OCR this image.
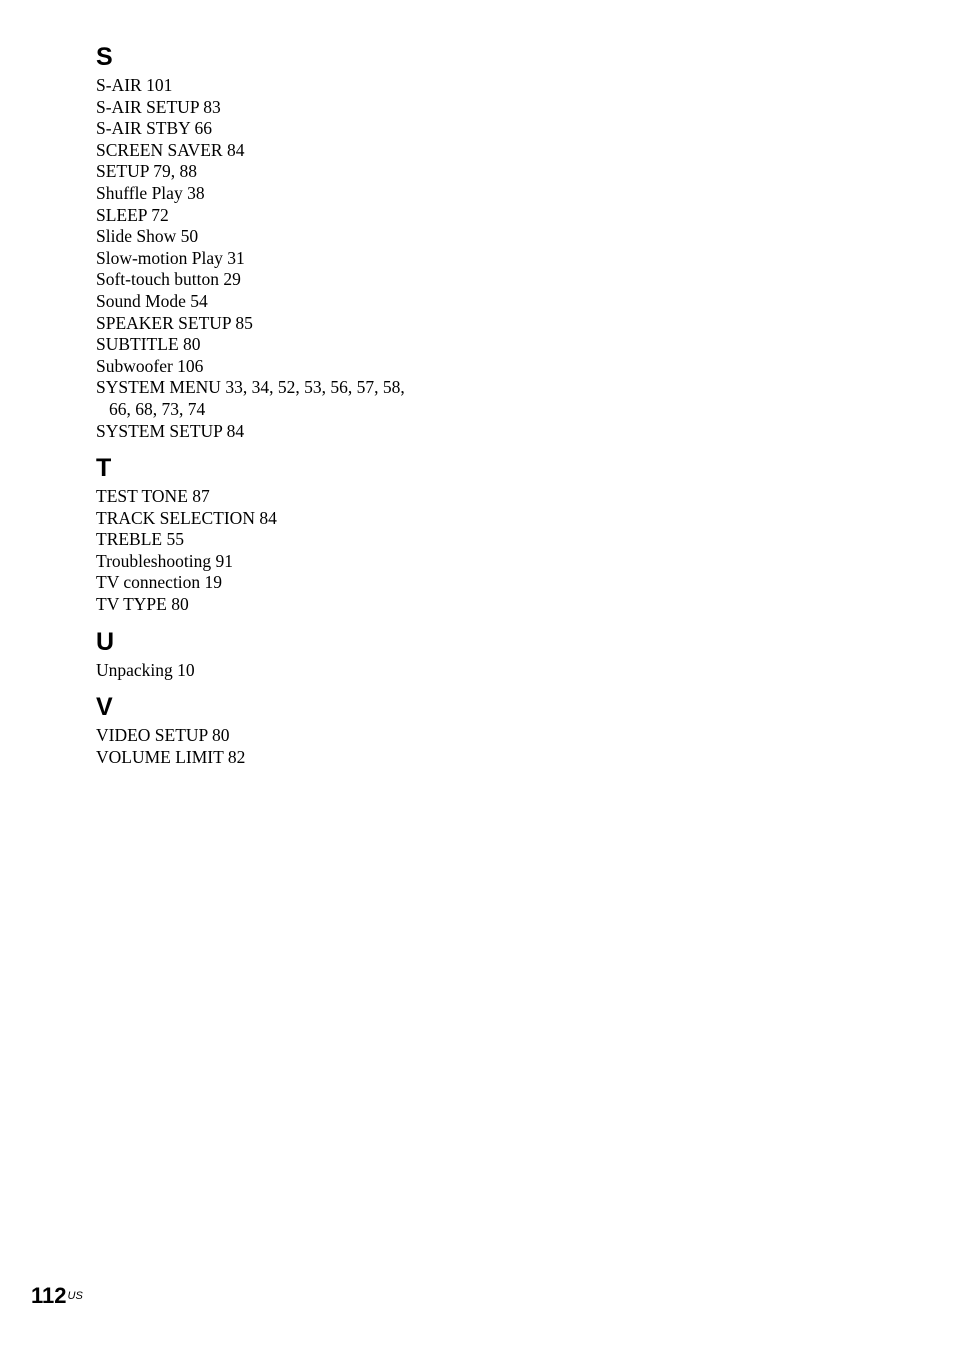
S
S-AIR 101
S-AIR SETUP 83
S-AIR STBY 66
SCREEN SAVER 84
SETUP 79, 88
Shuffle Play 38
SLEEP 72
Slide Show 50
Slow-motion Play 31
Soft-touch button 29
Sound Mode 54
SPEAKER SETUP 85
SUBTITLE 80
Subwoofer 106
SYSTEM MENU 33, 34, 52, 53, 56, 57, 58, 66, 68, 73, 74
SYSTEM SETUP 84
T
TEST TONE 87
TRACK SELECTION 84
TREBLE 55
Troubleshooting 91
TV connection 19
TV TYPE 80
U
Unpacking 10
V
VIDEO SETUP 80
VOLUME LIMIT 82
$112^{US}$
